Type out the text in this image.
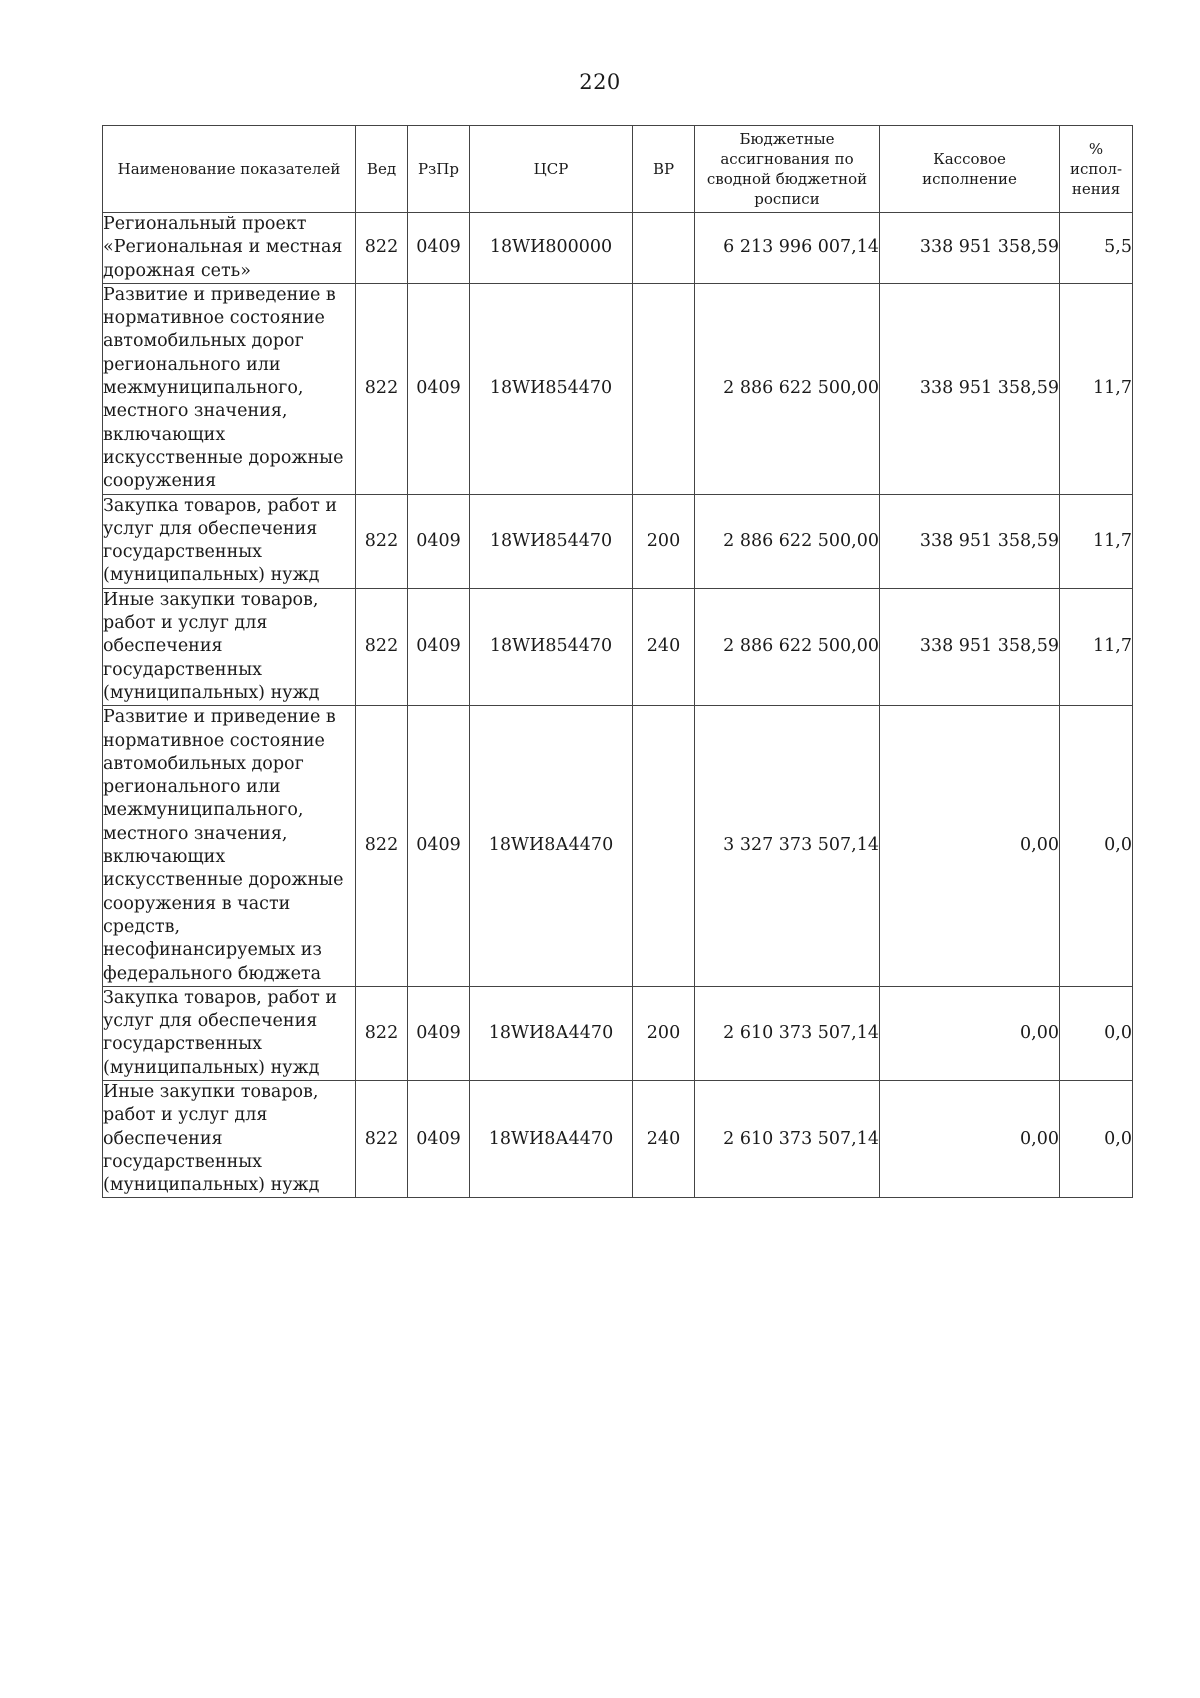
220
Наименование показателей	Вед	РзПр	ЦСР	ВР	Бюджетные ассигнования по сводной бюджетной росписи	Кассовое исполнение	% испол-нения
Региональный проект «Региональная и местная дорожная сеть»	822	0409	18WИ800000		6 213 996 007,14	338 951 358,59	5,5
Развитие и приведение в нормативное состояние автомобильных дорог регионального или межмуниципального, местного значения, включающих искусственные дорожные сооружения	822	0409	18WИ854470		2 886 622 500,00	338 951 358,59	11,7
Закупка товаров, работ и услуг для обеспечения государственных (муниципальных) нужд	822	0409	18WИ854470	200	2 886 622 500,00	338 951 358,59	11,7
Иные закупки товаров, работ и услуг для обеспечения государственных (муниципальных) нужд	822	0409	18WИ854470	240	2 886 622 500,00	338 951 358,59	11,7
Развитие и приведение в нормативное состояние автомобильных дорог регионального или межмуниципального, местного значения, включающих искусственные дорожные сооружения в части средств, несофинансируемых из федерального бюджета	822	0409	18WИ8А4470		3 327 373 507,14	0,00	0,0
Закупка товаров, работ и услуг для обеспечения государственных (муниципальных) нужд	822	0409	18WИ8А4470	200	2 610 373 507,14	0,00	0,0
Иные закупки товаров, работ и услуг для обеспечения государственных (муниципальных) нужд	822	0409	18WИ8А4470	240	2 610 373 507,14	0,00	0,0
